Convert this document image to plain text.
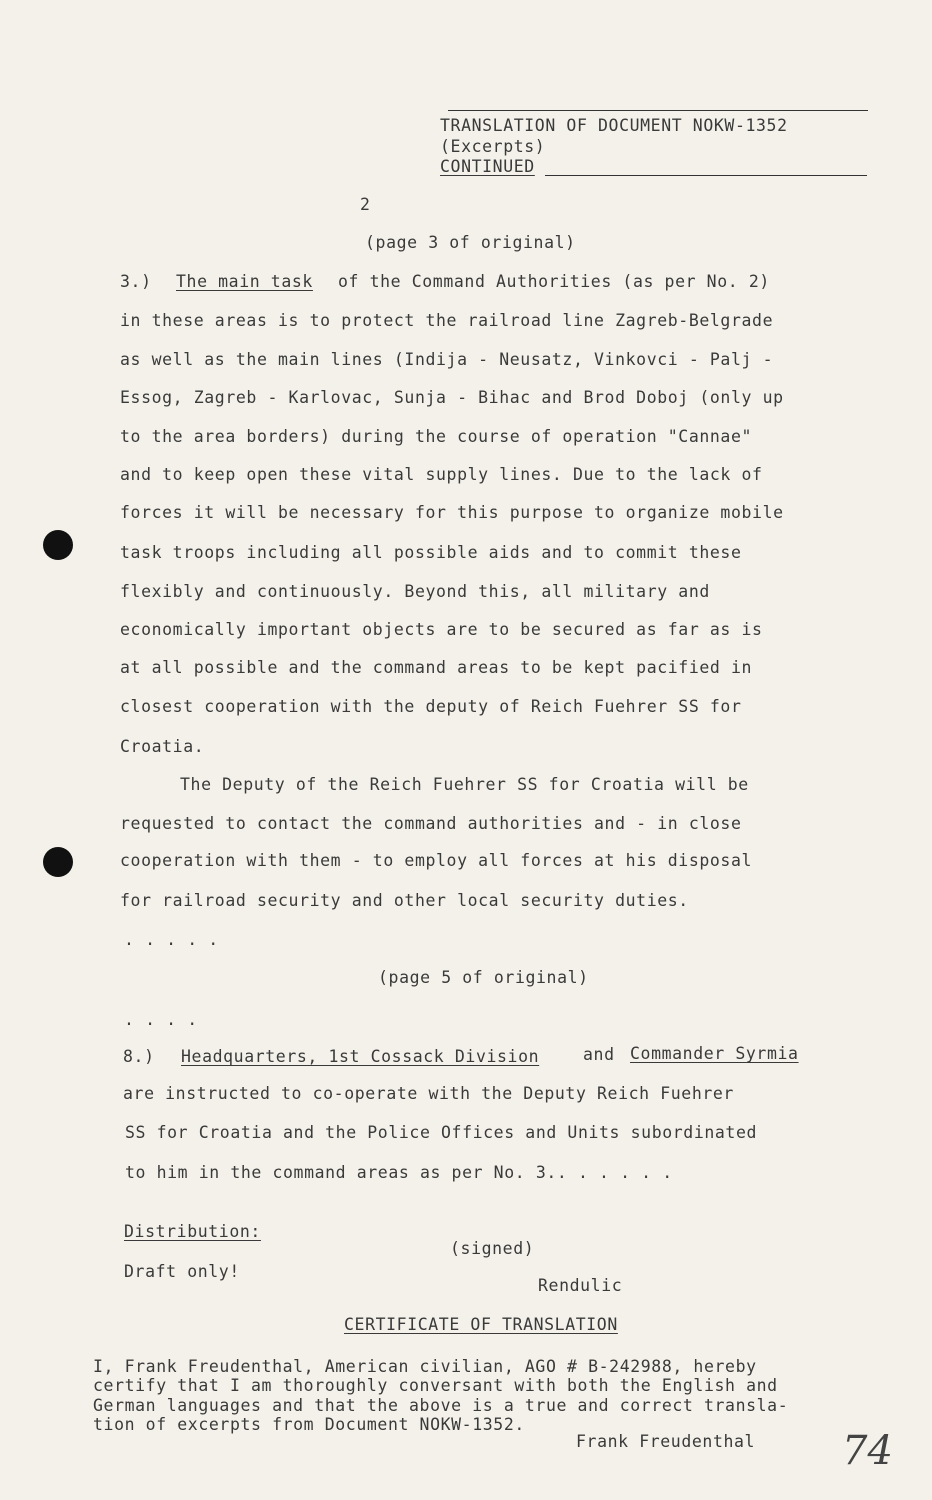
TRANSLATION OF DOCUMENT NOKW-1352
(Excerpts)
CONTINUED
2
(page 3 of original)
3.) The main task of the Command Authorities (as per No. 2)
in these areas is to protect the railroad line Zagreb-Belgrade
as well as the main lines (Indija - Neusatz, Vinkovci - Palj -
Essog, Zagreb - Karlovac, Sunja - Bihac and Brod Doboj (only up
to the area borders) during the course of operation "Cannae"
and to keep open these vital supply lines. Due to the lack of
forces it will be necessary for this purpose to organize mobile
task troops including all possible aids and to commit these
flexibly and continuously. Beyond this, all military and
economically important objects are to be secured as far as is
at all possible and the command areas to be kept pacified in
closest cooperation with the deputy of Reich Fuehrer SS for
Croatia.
The Deputy of the Reich Fuehrer SS for Croatia will be
requested to contact the command authorities and - in close
cooperation with them - to employ all forces at his disposal
for railroad security and other local security duties.
. . . . .
(page 5 of original)
. . . .
8.) Headquarters, 1st Cossack Division	and Commander Syrmia
are instructed to co-operate with the Deputy Reich Fuehrer
SS for Croatia and the Police Offices and Units subordinated
to him in the command areas as per No. 3.. . . . . .
Distribution:
(signed)
Draft only!
Rendulic
CERTIFICATE OF TRANSLATION
I, Frank Freudenthal, American civilian, AGO # B-242988, hereby
certify that I am thoroughly conversant with both the English and
German languages and that the above is a true and correct transla-
tion of excerpts from Document NOKW-1352.
Frank Freudenthal 74
